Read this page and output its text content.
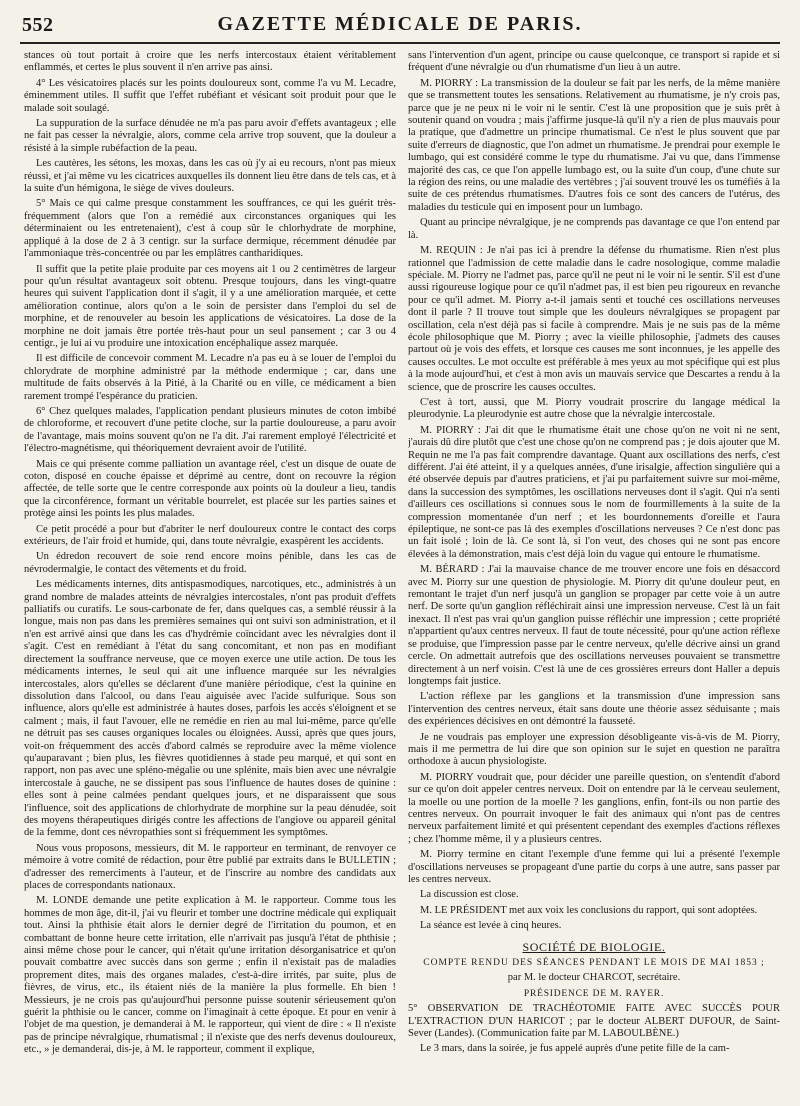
552	GAZETTE MÉDICALE DE PARIS.

stances où tout portait à croire que les nerfs intercostaux étaient véritablement enflammés, et certes le plus souvent il n'en arrive pas ainsi.

4° Les vésicatoires placés sur les points douloureux sont, comme l'a vu M. Lecadre, éminemment utiles. Il suffit que l'effet rubéfiant et vésicant soit produit pour que le malade soit soulagé.

La suppuration de la surface dénudée ne m'a pas paru avoir d'effets avantageux ; elle ne fait pas cesser la névralgie, alors, comme cela arrive trop souvent, que la douleur a résisté à la simple rubéfaction de la peau.

Les cautères, les sétons, les moxas, dans les cas où j'y ai eu recours, n'ont pas mieux réussi, et j'ai même vu les cicatrices auxquelles ils donnent lieu être dans de tels cas, et à la suite d'un hémigona, le siège de vives douleurs.

5° Mais ce qui calme presque constamment les souffrances, ce qui les guérit très-fréquemment (alors que l'on a remédié aux circonstances organiques qui les déterminaient ou les entretenaient), c'est à coup sûr le chlorhydrate de morphine, appliqué à la dose de 2 à 3 centigr. sur la surface dermique, récemment dénudée par l'ammoniaque très-concentrée ou par les emplâtres cantharidiques.

Il suffit que la petite plaie produite par ces moyens ait 1 ou 2 centimètres de largeur pour qu'un résultat avantageux soit obtenu. Presque toujours, dans les vingt-quatre heures qui suivent l'application dont il s'agit, il y a une amélioration marquée, et cette amélioration continue, alors qu'on a le soin de persister dans l'emploi du sel de morphine, et de renouveler au besoin les applications de vésicatoires. La dose de la morphine ne doit jamais être portée très-haut pour un seul pansement ; car 3 ou 4 centigr., je lui ai vu produire une intoxication encéphalique assez marquée.

Il est difficile de concevoir comment M. Lecadre n'a pas eu à se louer de l'emploi du chlorydrate de morphine administré par la méthode endermique ; car, dans une multitude de faits observés à la Pitié, à la Charité ou en ville, ce médicament a bien rarement trompé l'espérance du praticien.

6° Chez quelques malades, l'application pendant plusieurs minutes de coton imbibé de chloroforme, et recouvert d'une petite cloche, sur la partie douloureuse, a paru avoir de l'avantage, mais moins souvent qu'on ne l'a dit. J'ai rarement employé l'électricité et l'électro-magnétisme, qui théoriquement devraient avoir de l'utilité.

Mais ce qui présente comme palliation un avantage réel, c'est un disque de ouate de coton, disposé en couche épaisse et déprimé au centre, dont on recouvre la région affectée, de telle sorte que le centre corresponde aux points où la douleur a lieu, tandis que la circonférence, formant un véritable bourrelet, est placée sur les parties saines et protège ainsi les points les plus malades.

Ce petit procédé a pour but d'abriter le nerf douloureux contre le contact des corps extérieurs, de l'air froid et humide, qui, dans toute névralgie, exaspèrent les accidents.

Un édredon recouvert de soie rend encore moins pénible, dans les cas de névrodermalgie, le contact des vêtements et du froid.

Les médicaments internes, dits antispasmodiques, narcotiques, etc., administrés à un grand nombre de malades atteints de névralgies intercostales, n'ont pas produit d'effets palliatifs ou curatifs. Le sous-carbonate de fer, dans quelques cas, a semblé réussir à la longue, mais non pas dans les premières semaines qui ont suivi son administration, et il n'en est arrivé ainsi que dans les cas d'hydrémie coïncidant avec les névralgies dont il s'agit. C'est en remédiant à l'état du sang concomitant, et non pas en modifiant directement la souffrance nerveuse, que ce moyen exerce une utile action. De tous les médicaments internes, le seul qui ait une influence marquée sur les névralgies intercostales, alors qu'elles se déclarent d'une manière périodique, c'est la quinine en dissolution dans l'alcool, ou dans l'eau aiguisée avec l'acide sulfurique. Sous son influence, alors qu'elle est administrée à hautes doses, parfois les accès s'éloignent et se calment ; mais, il faut l'avouer, elle ne remédie en rien au mal lui-même, parce qu'elle ne détruit pas ses causes organiques locales ou éloignées. Aussi, après que ques jours, voit-on fréquemment des accès d'abord calmés se reproduire avec la même violence qu'auparavant ; bien plus, les fièvres quotidiennes à stade peu marqué, et qui sont en rapport, non pas avec une spléno-mégalie ou une splénite, mais bien avec une névralgie intercostale à gauche, ne se dissipent pas sous l'influence de hautes doses de quinine : elles sont à peine calmées pendant quelques jours, et ne disparaissent que sous l'influence, soit des applications de chlorhydrate de morphine sur la peau dénudée, soit des moyens thérapeutiques dirigés contre les affections de l'angiove ou appareil génital de la femme, dont ces névropathies sont si fréquemment les symptômes.

Nous vous proposons, messieurs, dit M. le rapporteur en terminant, de renvoyer ce mémoire à votre comité de rédaction, pour être publié par extraits dans le BULLETIN ; d'adresser des remerciments à l'auteur, et de l'inscrire au nombre des candidats aux places de correspondants nationaux.

M. LONDE demande une petite explication à M. le rapporteur. Comme tous les hommes de mon âge, dit-il, j'ai vu fleurir et tomber une doctrine médicale qui expliquait tout. Ainsi la phthisie était alors le dernier degré de l'irritation du poumon, et en combattant de bonne heure cette irritation, elle n'arrivait pas jusqu'à l'état de phthisie ; ainsi même chose pour le cancer, qui n'était qu'une irritation désorganisatrice et qu'on pouvait combattre avec succès dans son germe ; enfin il n'existait pas de maladies proprement dites, mais des organes malades, c'est-à-dire irrités, par suite, plus de fièvres, de virus, etc., ils étaient niés de la manière la plus formelle. Eh bien ! Messieurs, je ne crois pas qu'aujourd'hui personne puisse soutenir sérieusement qu'on guérit la phthisie ou le cancer, comme on l'imaginait à cette époque. Et pour en venir à l'objet de ma question, je demanderai à M. le rapporteur, qui vient de dire : « Il n'existe pas de principe névralgique, rhumatismal ; il n'existe que des nerfs devenus douloureux, etc., » je demanderai, dis-je, à M. le rapporteur, comment il explique,

sans l'intervention d'un agent, principe ou cause quelconque, ce transport si rapide et si fréquent d'une névralgie ou d'un rhumatisme d'un lieu à un autre.

M. PIORRY : La transmission de la douleur se fait par les nerfs, de la même manière que se transmettent toutes les sensations. Relativement au rhumatisme, je n'y crois pas, parce que je ne peux ni le voir ni le sentir. C'est là une proposition que je suis prêt à soutenir quand on voudra ; mais j'affirme jusque-là qu'il n'y a rien de plus mauvais pour la pratique, que d'admettre un principe rhumatismal. Ce n'est le plus souvent que par suite d'erreurs de diagnostic, que l'on admet un rhumatisme. Je prendrai pour exemple le lumbago, qui est considéré comme le type du rhumatisme. J'ai vu que, dans l'immense majorité des cas, ce que l'on appelle lumbago est, ou la suite d'un coup, d'une chute sur la région des reins, ou une maladie des vertèbres ; j'ai souvent trouvé les os tuméfiés à la suite de ces prétendus rhumatismes. D'autres fois ce sont des cancers de l'utérus, des maladies du testicule qui en imposent pour un lumbago.

Quant au principe névralgique, je ne comprends pas davantage ce que l'on entend par là.

M. REQUIN : Je n'ai pas ici à prendre la défense du rhumatisme. Rien n'est plus rationnel que l'admission de cette maladie dans le cadre nosologique, comme maladie spéciale. M. Piorry ne l'admet pas, parce qu'il ne peut ni le voir ni le sentir. S'il est d'une aussi rigoureuse logique pour ce qu'il n'admet pas, il est bien peu rigoureux en revanche pour ce qu'il admet. M. Piorry a-t-il jamais senti et touché ces oscillations nerveuses dont il parle ? Il trouve tout simple que les douleurs névralgiques se propagent par oscillation, cela n'est déjà pas si facile à comprendre. Mais je ne suis pas de la même école philosophique que M. Piorry ; avec la vieille philosophie, j'admets des causes partout où je vois des effets, et lorsque ces causes me sont inconnues, je les appelle des causes occultes. Le mot occulte est préférable à mes yeux au mot spécifique qui est plus à la mode aujourd'hui, et c'est à mon avis un mauvais service que Descartes a rendu à la science, que de proscrire les causes occultes.

C'est à tort, aussi, que M. Piorry voudrait proscrire du langage médical la pleurodynie. La pleurodynie est autre chose que la névralgie intercostale.

M. PIORRY : J'ai dit que le rhumatisme était une chose qu'on ne voit ni ne sent, j'aurais dû dire plutôt que c'est une chose qu'on ne comprend pas ; je dois ajouter que M. Requin ne me l'a pas fait comprendre davantage. Quant aux oscillations des nerfs, c'est différent. J'ai été atteint, il y a quelques années, d'une irisalgie, affection singulière qui a été observée depuis par d'autres praticiens, et j'ai pu parfaitement suivre sur moi-même, dans la succession des symptômes, les oscillations nerveuses dont il s'agit. Qui n'a senti d'ailleurs ces oscillations si connues sous le nom de fourmillements à la suite de la compression momentanée d'un nerf ; et les bourdonnements d'oreille et l'aura épileptique, ne sont-ce pas là des exemples d'oscillations nerveuses ? Ce n'est donc pas un fait isolé ; loin de là. Ce sont là, si l'on veut, des choses qui ne sont pas encore élevées à la démonstration, mais c'est déjà loin du vague qui entoure le rhumatisme.

M. BÉRARD : J'ai la mauvaise chance de me trouver encore une fois en désaccord avec M. Piorry sur une question de physiologie. M. Piorry dit qu'une douleur peut, en remontant le trajet d'un nerf jusqu'à un ganglion se propager par cette voie à un autre nerf. De sorte qu'un ganglion réfléchirait ainsi une impression nerveuse. C'est là un fait inexact. Il n'est pas vrai qu'un ganglion puisse réfléchir une impression ; cette propriété n'appartient qu'aux centres nerveux. Il faut de toute nécessité, pour qu'une action réflexe se produise, que l'impression passe par le centre nerveux, qu'elle décrive ainsi un grand cercle. On admettait autrefois que des oscillations nerveuses pouvaient se transmettre directement à un nerf voisin. C'est là une de ces grossières erreurs dont Haller a depuis longtemps fait justice.

L'action réflexe par les ganglions et la transmission d'une impression sans l'intervention des centres nerveux, était sans doute une théorie assez séduisante ; mais des expériences décisives en ont démontré la fausseté.

Je ne voudrais pas employer une expression désobligeante vis-à-vis de M. Piorry, mais il me permettra de lui dire que son opinion sur le sujet en question ne paraîtra orthodoxe à aucun physiologiste.

M. PIORRY voudrait que, pour décider une pareille question, on s'entendît d'abord sur ce qu'on doit appeler centres nerveux. Doit on entendre par là le cerveau seulement, la moelle ou une portion de la moelle ? les ganglions, enfin, font-ils ou non partie des centres nerveux. On pourrait invoquer le fait des animaux qui n'ont pas de centres nerveux parfaitement limité et qui présentent cependant des exemples d'actions réflexes ; chez l'homme même, il y a plusieurs centres.

M. Piorry termine en citant l'exemple d'une femme qui lui a présenté l'exemple d'oscillations nerveuses se propageant d'une partie du corps à une autre, sans passer par les centres nerveux.

La discussion est close.

M. LE PRÉSIDENT met aux voix les conclusions du rapport, qui sont adoptées.

La séance est levée à cinq heures.

SOCIÉTÉ DE BIOLOGIE.

COMPTE RENDU DES SÉANCES PENDANT LE MOIS DE MAI 1853 ;

par M. le docteur CHARCOT, secrétaire.

PRÉSIDENCE DE M. RAYER.

5° OBSERVATION DE TRACHÉOTOMIE FAITE AVEC SUCCÈS POUR L'EXTRACTION D'UN HARICOT ; par le docteur ALBERT DUFOUR, de Saint-Sever (Landes). (Communication faite par M. LABOULBÈNE.)

Le 3 mars, dans la soirée, je fus appelé auprès d'une petite fille de la cam-
